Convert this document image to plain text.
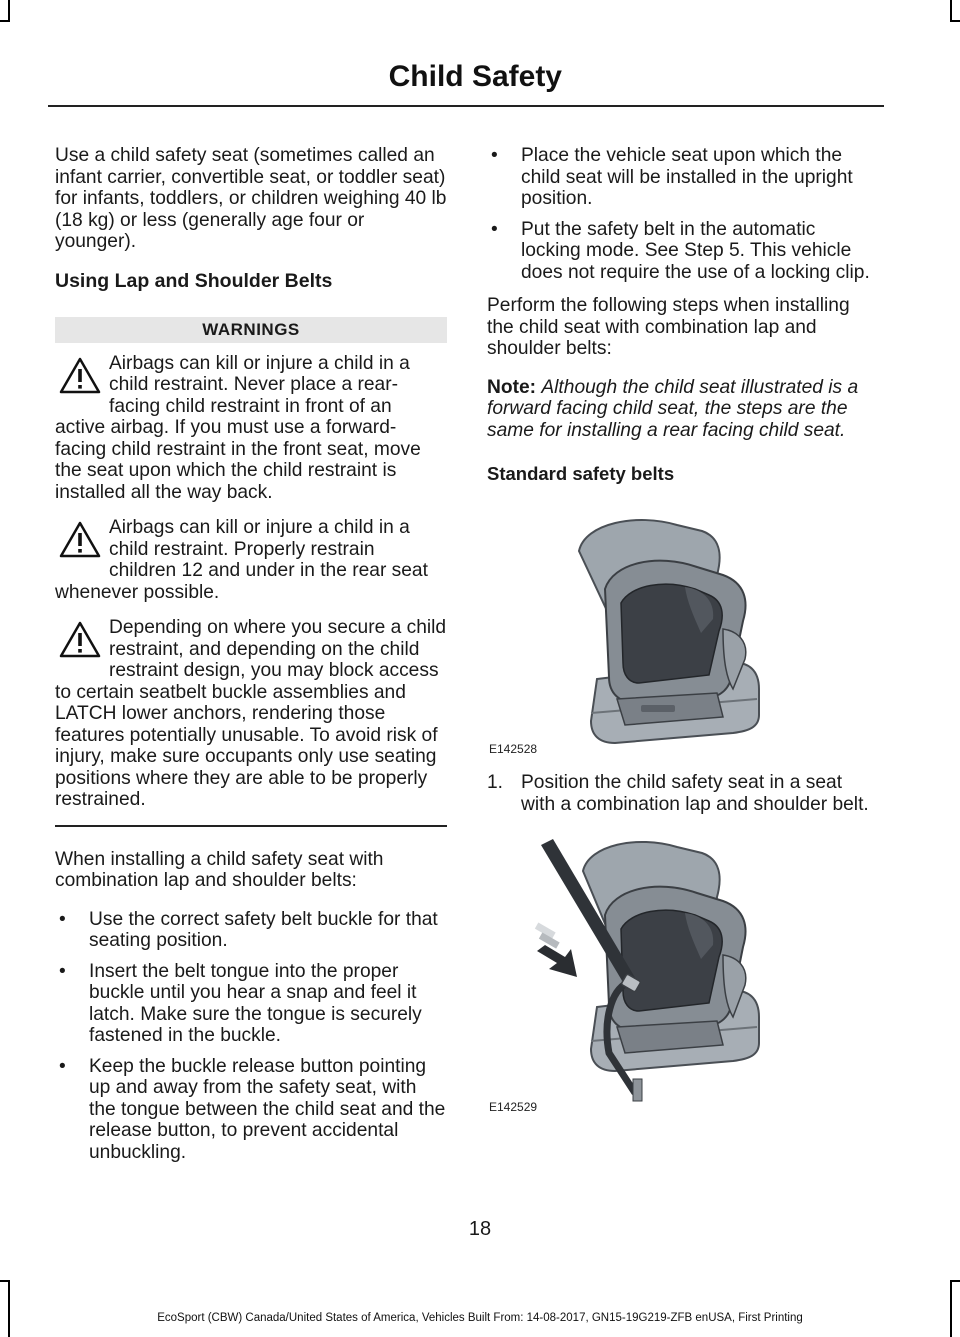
Child Safety

Use a child safety seat (sometimes called an infant carrier, convertible seat, or toddler seat) for infants, toddlers, or children weighing 40 lb (18 kg) or less (generally age four or younger).

Using Lap and Shoulder Belts
WARNINGS
Airbags can kill or injure a child in a child restraint. Never place a rear-facing child restraint in front of an active airbag. If you must use a forward-facing child restraint in the front seat, move the seat upon which the child restraint is installed all the way back.
Airbags can kill or injure a child in a child restraint. Properly restrain children 12 and under in the rear seat whenever possible.
Depending on where you secure a child restraint, and depending on the child restraint design, you may block access to certain seatbelt buckle assemblies and LATCH lower anchors, rendering those features potentially unusable. To avoid risk of injury, make sure occupants only use seating positions where they are able to be properly restrained.

When installing a child safety seat with combination lap and shoulder belts:

• Use the correct safety belt buckle for that seating position.
• Insert the belt tongue into the proper buckle until you hear a snap and feel it latch. Make sure the tongue is securely fastened in the buckle.
• Keep the buckle release button pointing up and away from the safety seat, with the tongue between the child seat and the release button, to prevent accidental unbuckling.
• Place the vehicle seat upon which the child seat will be installed in the upright position.
• Put the safety belt in the automatic locking mode. See Step 5. This vehicle does not require the use of a locking clip.

Perform the following steps when installing the child seat with combination lap and shoulder belts:

Note: Although the child seat illustrated is a forward facing child seat, the steps are the same for installing a rear facing child seat.

Standard safety belts
E142528
1. Position the child safety seat in a seat with a combination lap and shoulder belt.
E142529
18
EcoSport (CBW) Canada/United States of America, Vehicles Built From: 14-08-2017, GN15-19G219-ZFB enUSA, First Printing
